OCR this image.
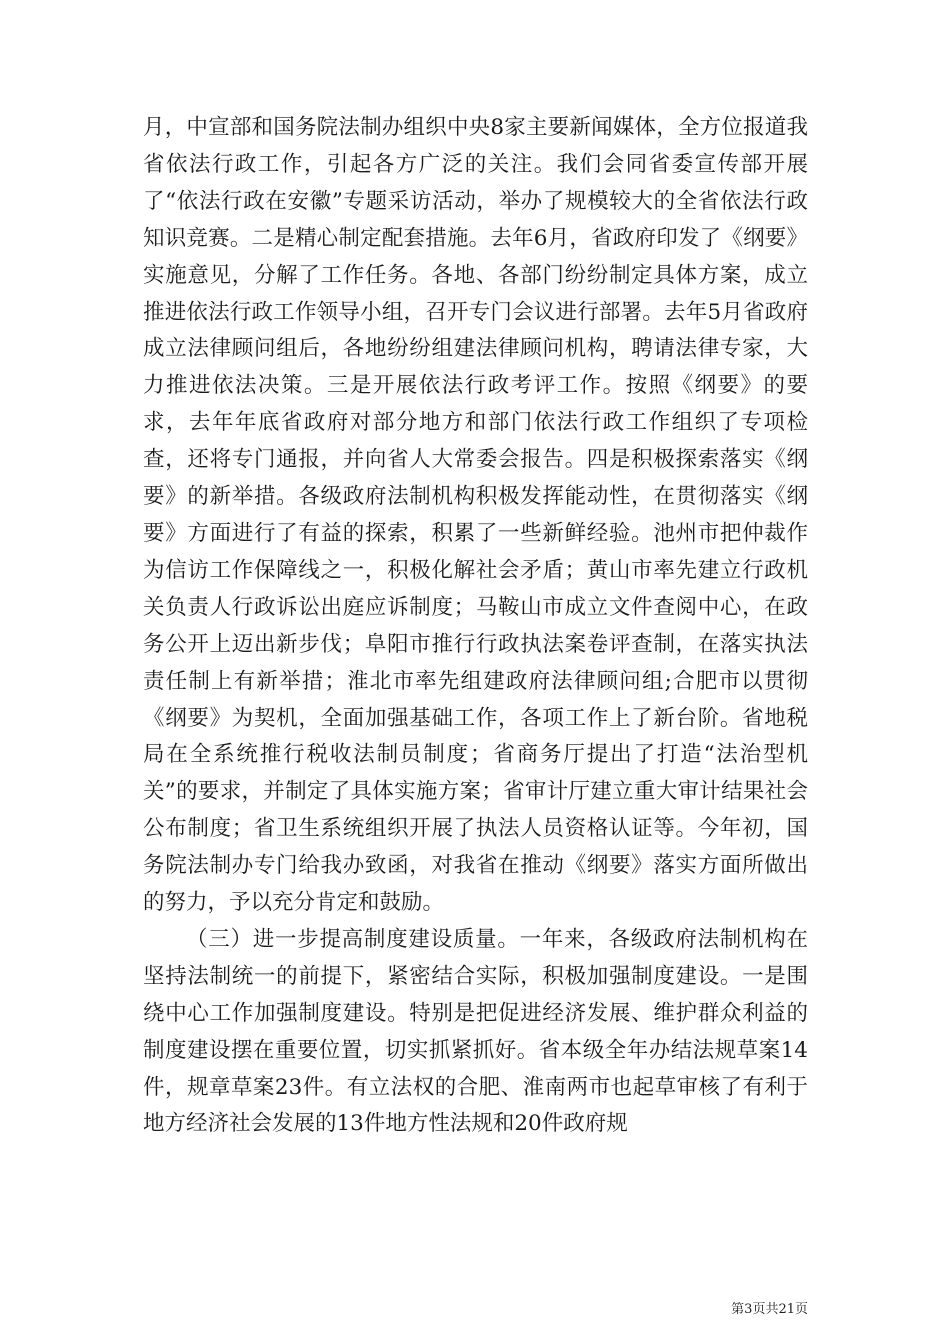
月，中宣部和国务院法制办组织中央8家主要新闻媒体，全方位报道我省依法行政工作，引起各方广泛的关注。我们会同省委宣传部开展了“依法行政在安徽”专题采访活动，举办了规模较大的全省依法行政知识竞赛。二是精心制定配套措施。去年6月，省政府印发了《纲要》实施意见，分解了工作任务。各地、各部门纷纷制定具体方案，成立推进依法行政工作领导小组，召开专门会议进行部署。去年5月省政府成立法律顾问组后，各地纷纷组建法律顾问机构，聘请法律专家，大力推进依法决策。三是开展依法行政考评工作。按照《纲要》的要求，去年年底省政府对部分地方和部门依法行政工作组织了专项检查，还将专门通报，并向省人大常委会报告。四是积极探索落实《纲要》的新举措。各级政府法制机构积极发挥能动性，在贯彻落实《纲要》方面进行了有益的探索，积累了一些新鲜经验。池州市把仲裁作为信访工作保障线之一，积极化解社会矛盾；黄山市率先建立行政机关负责人行政诉讼出庭应诉制度；马鞍山市成立文件查阅中心，在政务公开上迈出新步伐；阜阳市推行行政执法案卷评查制，在落实执法责任制上有新举措；淮北市率先组建政府法律顾问组;合肥市以贯彻《纲要》为契机，全面加强基础工作，各项工作上了新台阶。省地税局在全系统推行税收法制员制度；省商务厅提出了打造“法治型机关”的要求，并制定了具体实施方案；省审计厅建立重大审计结果社会公布制度；省卫生系统组织开展了执法人员资格认证等。今年初，国务院法制办专门给我办致函，对我省在推动《纲要》落实方面所做出的努力，予以充分肯定和鼓励。

（三）进一步提高制度建设质量。一年来，各级政府法制机构在坚持法制统一的前提下，紧密结合实际，积极加强制度建设。一是围绕中心工作加强制度建设。特别是把促进经济发展、维护群众利益的制度建设摆在重要位置，切实抓紧抓好。省本级全年办结法规草案14件，规章草案23件。有立法权的合肥、淮南两市也起草审核了有利于地方经济社会发展的13件地方性法规和20件政府规

第3页共21页
